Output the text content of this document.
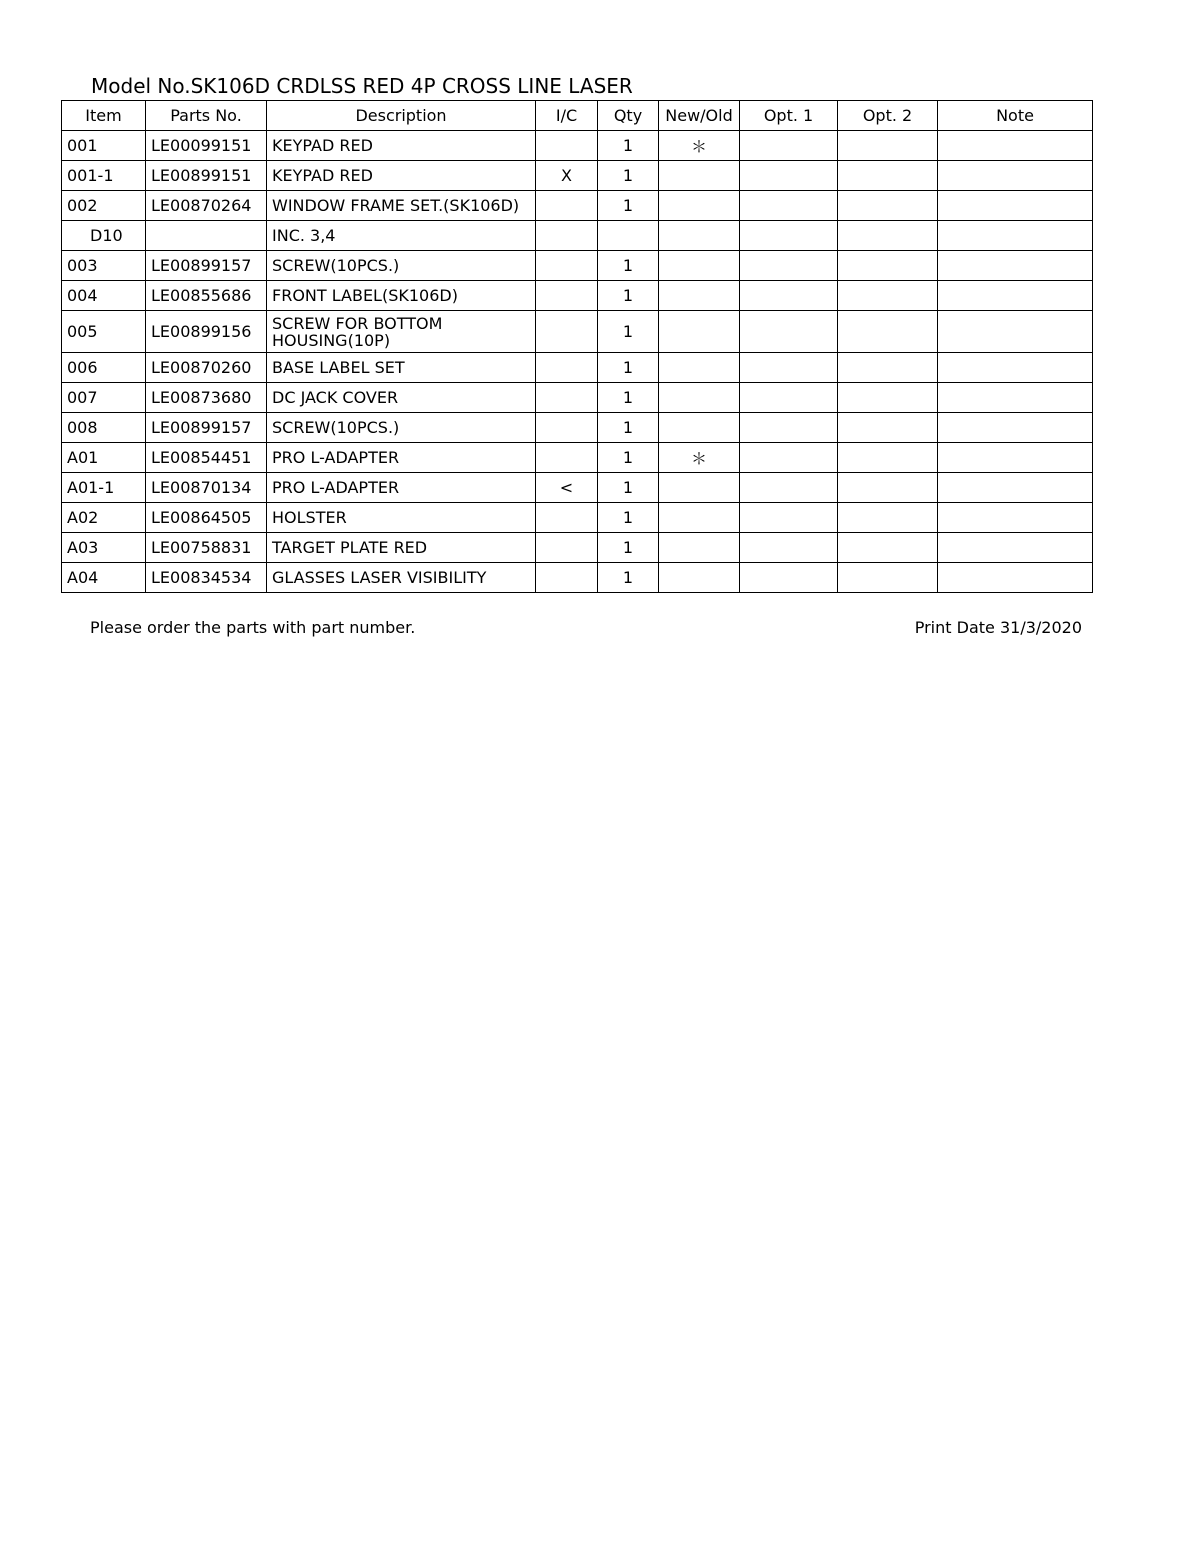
Model No.SK106D CRDLSS RED 4P CROSS LINE LASER
Item	Parts No.	Description	I/C	Qty	New/Old	Opt. 1	Opt. 2	Note
001	LE00099151	KEYPAD RED		1	＊			
001-1	LE00899151	KEYPAD RED	X	1				
002	LE00870264	WINDOW FRAME SET.(SK106D)		1				
D10		INC. 3,4						
003	LE00899157	SCREW(10PCS.)		1				
004	LE00855686	FRONT LABEL(SK106D)		1				
005	LE00899156	SCREW FOR BOTTOM HOUSING(10P)		1				
006	LE00870260	BASE LABEL SET		1				
007	LE00873680	DC JACK COVER		1				
008	LE00899157	SCREW(10PCS.)		1				
A01	LE00854451	PRO L-ADAPTER		1	＊			
A01-1	LE00870134	PRO L-ADAPTER	<	1				
A02	LE00864505	HOLSTER		1				
A03	LE00758831	TARGET PLATE RED		1				
A04	LE00834534	GLASSES LASER VISIBILITY		1				
Please order the parts with part number.	Print Date 31/3/2020
